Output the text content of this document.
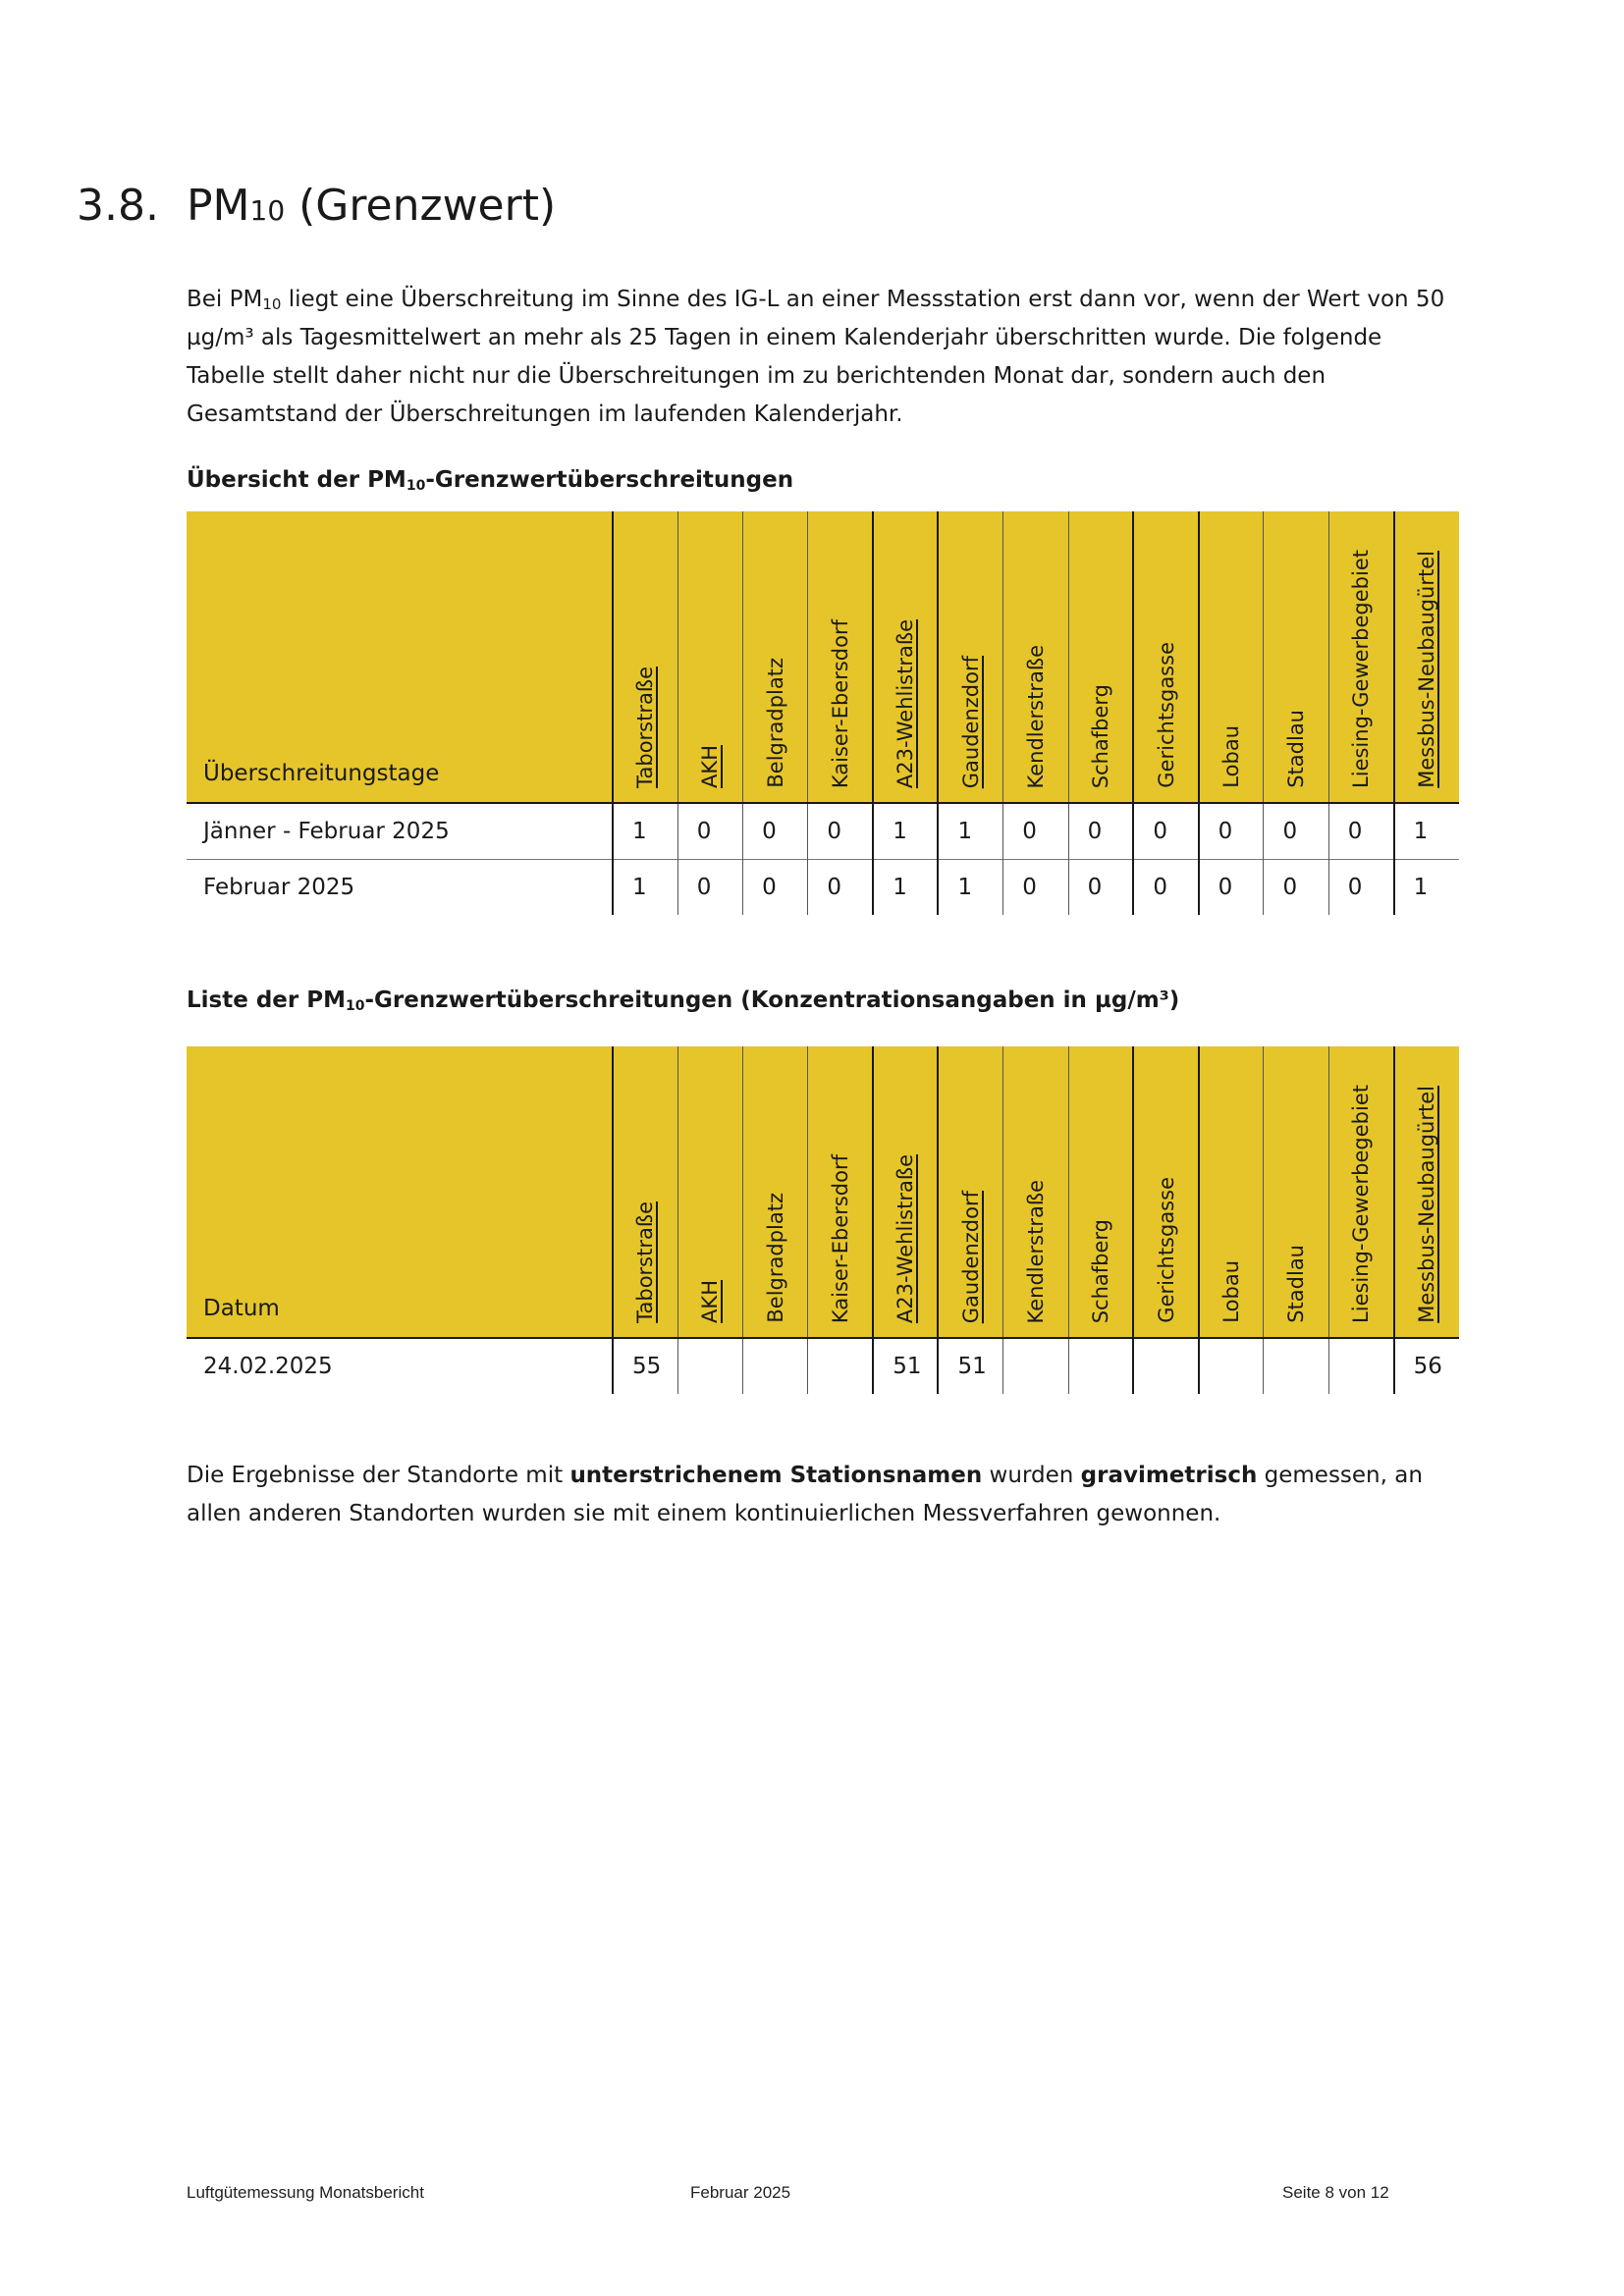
3.8. PM10 (Grenzwert)

Bei $PM_{10}$ liegt eine Überschreitung im Sinne des IG-L an einer Messstation erst dann vor, wenn der Wert von 50 µg/m³ als Tagesmittelwert an mehr als 25 Tagen in einem Kalenderjahr überschritten wurde. Die folgende Tabelle stellt daher nicht nur die Überschreitungen im zu berichtenden Monat dar, sondern auch den Gesamtstand der Überschreitungen im laufenden Kalenderjahr.

Übersicht der $PM_{10}$-Grenzwertüberschreitungen

Überschreitungstage	Taborstraße	AKH	Belgradplatz	Kaiser-Ebersdorf	A23-Wehlistraße	Gaudenzdorf	Kendlerstraße	Schafberg	Gerichtsgasse	Lobau	Stadlau	Liesing-Gewerbegebiet	Messbus-Neubaugürtel

Jänner - Februar 2025	1	0	0	0	1	1	0	0	0	0	0	0	1
Februar 2025	1	0	0	0	1	1	0	0	0	0	0	0	1

Liste der $PM_{10}$-Grenzwertüberschreitungen (Konzentrationsangaben in µg/m³)

Datum	Taborstraße	AKH	Belgradplatz	Kaiser-Ebersdorf	A23-Wehlistraße	Gaudenzdorf	Kendlerstraße	Schafberg	Gerichtsgasse	Lobau	Stadlau	Liesing-Gewerbegebiet	Messbus-Neubaugürtel

24.02.2025	55				51	51							56

Die Ergebnisse der Standorte mit unterstrichenem Stationsnamen wurden gravimetrisch gemessen, an allen anderen Standorten wurden sie mit einem kontinuierlichen Messverfahren gewonnen.

Luftgütemessung Monatsbericht	Februar 2025	Seite 8 von 12
